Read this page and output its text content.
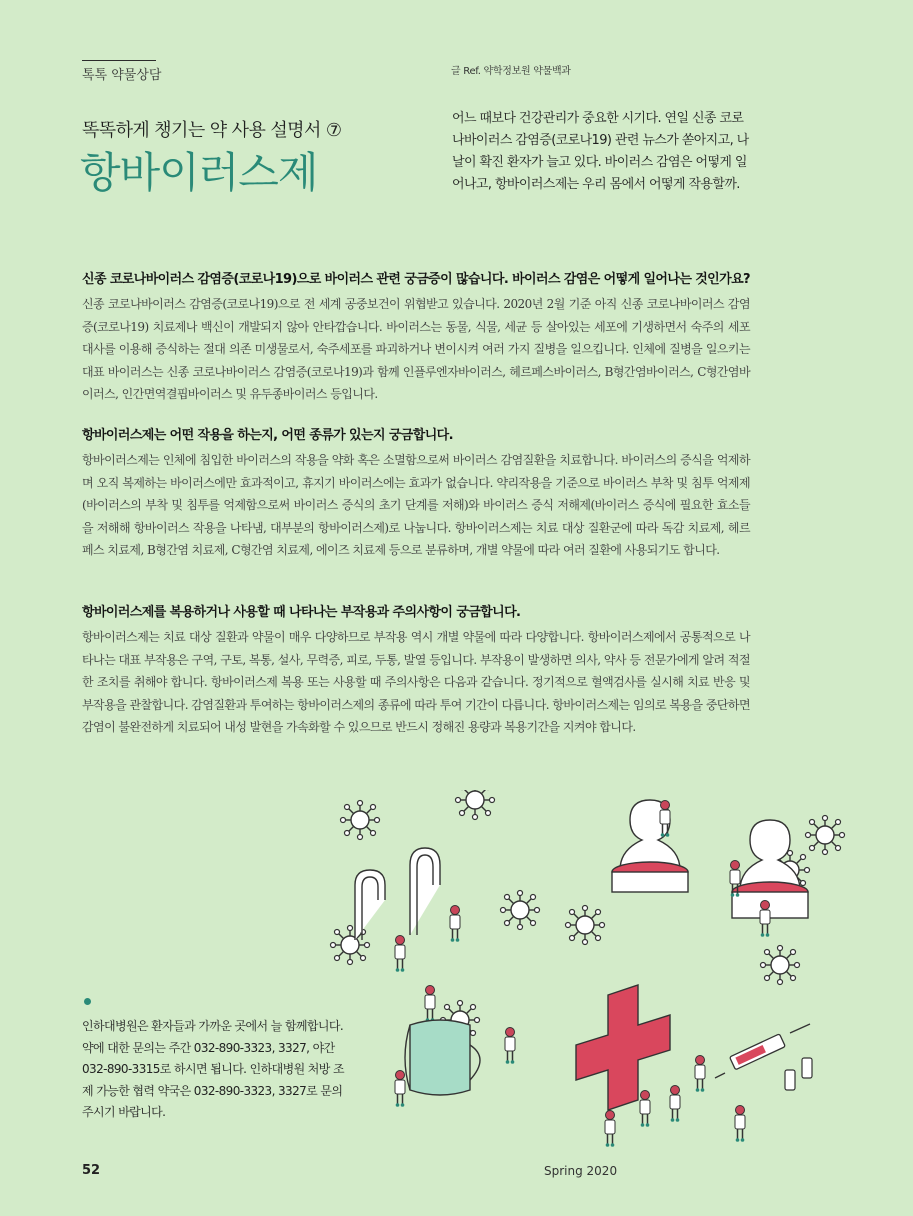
톡톡 약물상담	글 Ref. 약학정보원 약물백과
똑똑하게 챙기는 약 사용 설명서 ⑦
항바이러스제
어느 때보다 건강관리가 중요한 시기다. 연일 신종 코로나바이러스 감염증(코로나19) 관련 뉴스가 쏟아지고, 나날이 확진 환자가 늘고 있다. 바이러스 감염은 어떻게 일어나고, 항바이러스제는 우리 몸에서 어떻게 작용할까.

신종 코로나바이러스 감염증(코로나19)으로 바이러스 관련 궁금증이 많습니다. 바이러스 감염은 어떻게 일어나는 것인가요?

신종 코로나바이러스 감염증(코로나19)으로 전 세계 공중보건이 위협받고 있습니다. 2020년 2월 기준 아직 신종 코로나바이러스 감염증(코로나19) 치료제나 백신이 개발되지 않아 안타깝습니다. 바이러스는 동물, 식물, 세균 등 살아있는 세포에 기생하면서 숙주의 세포 대사를 이용해 증식하는 절대 의존 미생물로서, 숙주세포를 파괴하거나 변이시켜 여러 가지 질병을 일으킵니다. 인체에 질병을 일으키는 대표 바이러스는 신종 코로나바이러스 감염증(코로나19)과 함께 인플루엔자바이러스, 헤르페스바이러스, B형간염바이러스, C형간염바이러스, 인간면역결핍바이러스 및 유두종바이러스 등입니다.

항바이러스제는 어떤 작용을 하는지, 어떤 종류가 있는지 궁금합니다.

항바이러스제는 인체에 침입한 바이러스의 작용을 약화 혹은 소멸함으로써 바이러스 감염질환을 치료합니다. 바이러스의 증식을 억제하며 오직 복제하는 바이러스에만 효과적이고, 휴지기 바이러스에는 효과가 없습니다. 약리작용을 기준으로 바이러스 부착 및 침투 억제제(바이러스의 부착 및 침투를 억제함으로써 바이러스 증식의 초기 단계를 저해)와 바이러스 증식 저해제(바이러스 증식에 필요한 효소들을 저해해 항바이러스 작용을 나타냄, 대부분의 항바이러스제)로 나눕니다. 항바이러스제는 치료 대상 질환군에 따라 독감 치료제, 헤르페스 치료제, B형간염 치료제, C형간염 치료제, 에이즈 치료제 등으로 분류하며, 개별 약물에 따라 여러 질환에 사용되기도 합니다.

항바이러스제를 복용하거나 사용할 때 나타나는 부작용과 주의사항이 궁금합니다.

항바이러스제는 치료 대상 질환과 약물이 매우 다양하므로 부작용 역시 개별 약물에 따라 다양합니다. 항바이러스제에서 공통적으로 나타나는 대표 부작용은 구역, 구토, 복통, 설사, 무력증, 피로, 두통, 발열 등입니다. 부작용이 발생하면 의사, 약사 등 전문가에게 알려 적절한 조치를 취해야 합니다. 항바이러스제 복용 또는 사용할 때 주의사항은 다음과 같습니다. 정기적으로 혈액검사를 실시해 치료 반응 및 부작용을 관찰합니다. 감염질환과 투여하는 항바이러스제의 종류에 따라 투여 기간이 다릅니다. 항바이러스제는 임의로 복용을 중단하면 감염이 불완전하게 치료되어 내성 발현을 가속화할 수 있으므로 반드시 정해진 용량과 복용기간을 지켜야 합니다.

인하대병원은 환자들과 가까운 곳에서 늘 함께합니다. 약에 대한 문의는 주간 032-890-3323, 3327, 야간 032-890-3315로 하시면 됩니다. 인하대병원 처방 조제 가능한 협력 약국은 032-890-3323, 3327로 문의주시기 바랍니다.
52	Spring 2020
